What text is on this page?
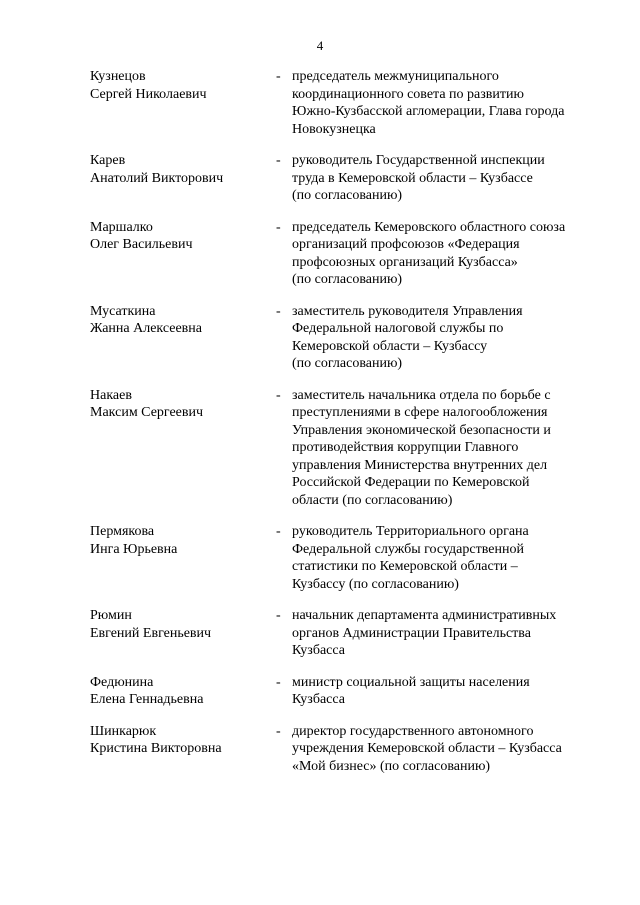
4
Кузнецов
Сергей Николаевич
- председатель межмуниципального
координационного совета по развитию
Южно-Кузбасской агломерации, Глава города
Новокузнецка
Карев
Анатолий Викторович
- руководитель Государственной инспекции
труда в Кемеровской области – Кузбассе
(по согласованию)
Маршалко
Олег Васильевич
- председатель Кемеровского областного союза
организаций профсоюзов «Федерация
профсоюзных организаций Кузбасса»
(по согласованию)
Мусаткина
Жанна Алексеевна
- заместитель руководителя Управления
Федеральной налоговой службы по
Кемеровской области – Кузбассу
(по согласованию)
Накаев
Максим Сергеевич
- заместитель начальника отдела по борьбе с
преступлениями в сфере налогообложения
Управления экономической безопасности и
противодействия коррупции Главного
управления Министерства внутренних дел
Российской Федерации по Кемеровской
области (по согласованию)
Пермякова
Инга Юрьевна
- руководитель Территориального органа
Федеральной службы государственной
статистики по Кемеровской области –
Кузбассу (по согласованию)
Рюмин
Евгений Евгеньевич
- начальник департамента административных
органов Администрации Правительства
Кузбасса
Федюнина
Елена Геннадьевна
- министр социальной защиты населения
Кузбасса
Шинкарюк
Кристина Викторовна
- директор государственного автономного
учреждения Кемеровской области – Кузбасса
«Мой бизнес» (по согласованию)
